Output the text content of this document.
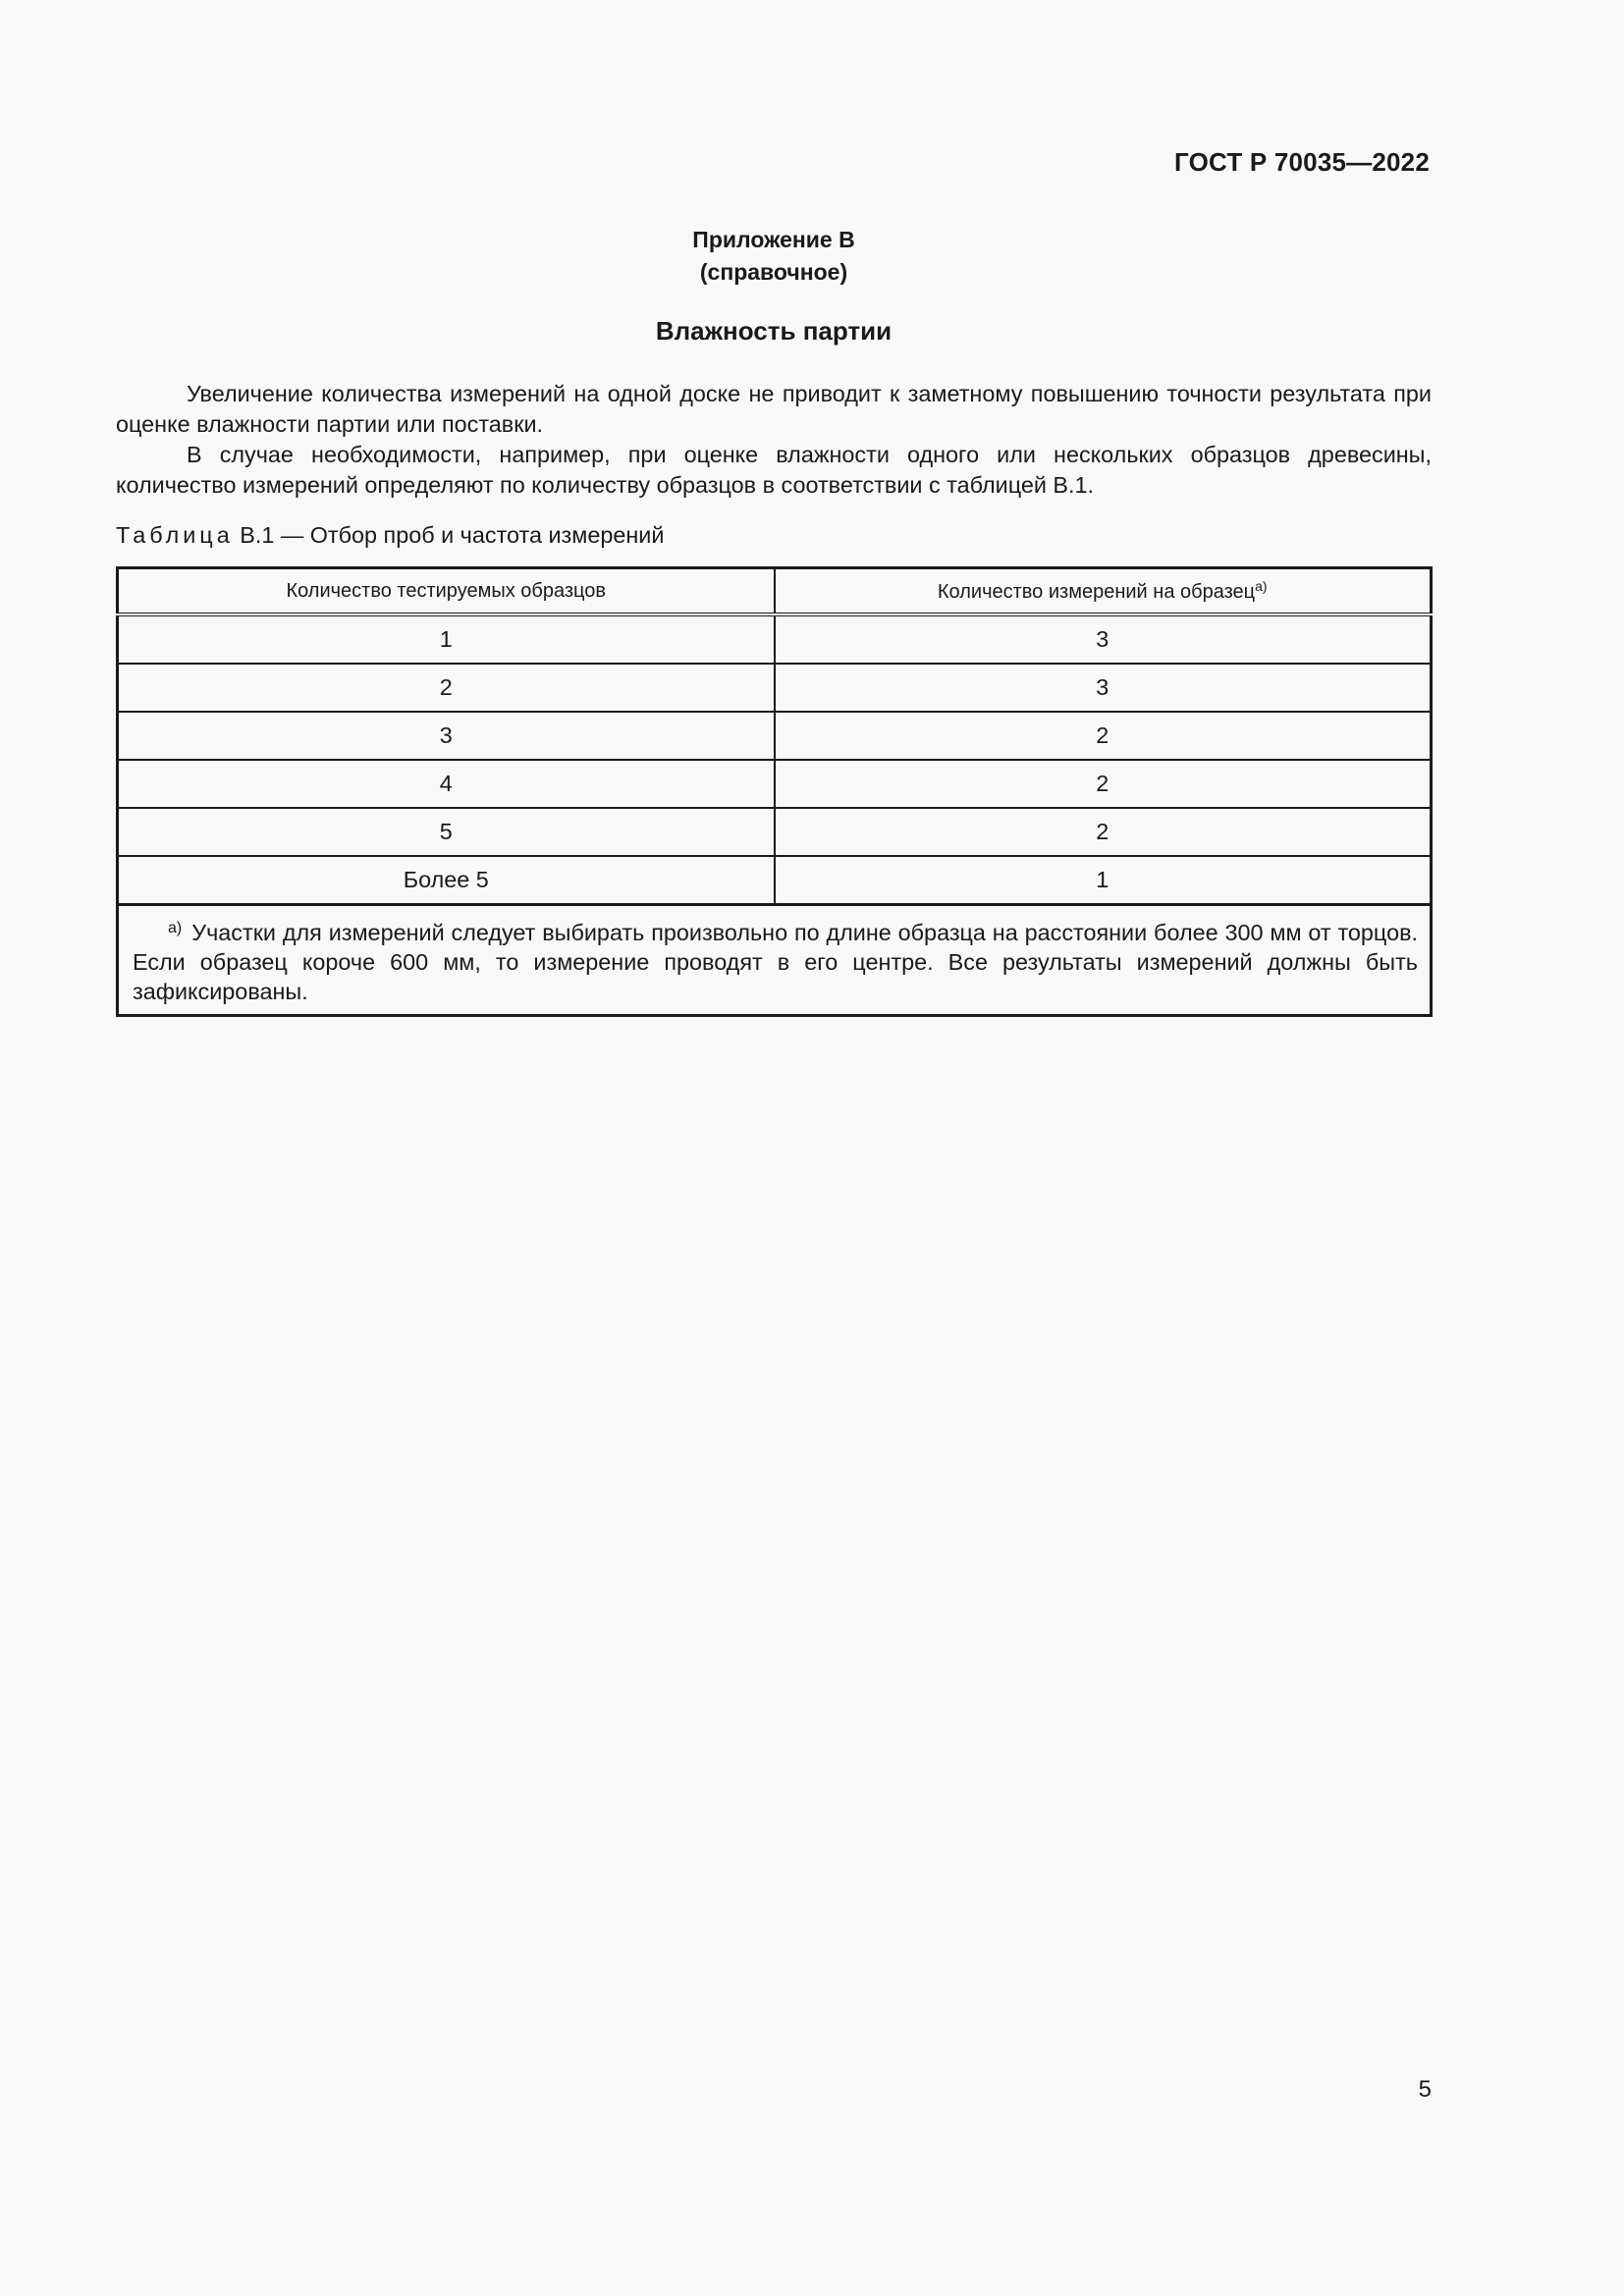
ГОСТ Р 70035—2022
Приложение В
(справочное)
Влажность партии

Увеличение количества измерений на одной доске не приводит к заметному повышению точности результата при оценке влажности партии или поставки.

В случае необходимости, например, при оценке влажности одного или нескольких образцов древесины, количество измерений определяют по количеству образцов в соответствии с таблицей В.1.

Таблица В.1 — Отбор проб и частота измерений
Количество тестируемых образцов	Количество измерений на образец$^{а)}$
1	3
2	3
3	2
4	2
5	2
Более 5	1
а) Участки для измерений следует выбирать произвольно по длине образца на расстоянии более 300 мм от торцов. Если образец короче 600 мм, то измерение проводят в его центре. Все результаты измерений должны быть зафиксированы.	
5
